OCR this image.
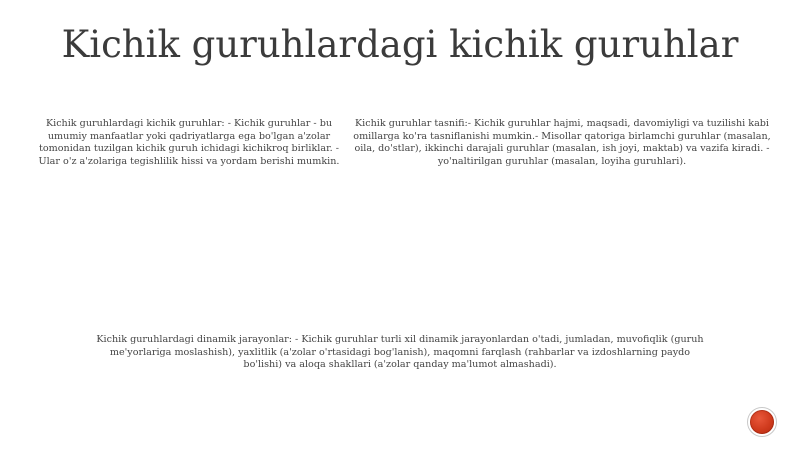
Kichik guruhlardagi kichik guruhlar
Kichik guruhlardagi kichik guruhlar: - Kichik guruhlar - bu umumiy manfaatlar yoki qadriyatlarga ega bo'lgan a'zolar tomonidan tuzilgan kichik guruh ichidagi kichikroq birliklar. - Ular o'z a'zolariga tegishlilik hissi va yordam berishi mumkin.
Kichik guruhlar tasnifi:- Kichik guruhlar hajmi, maqsadi, davomiyligi va tuzilishi kabi omillarga ko'ra tasniflanishi mumkin.- Misollar qatoriga birlamchi guruhlar (masalan, oila, do'stlar), ikkinchi darajali guruhlar (masalan, ish joyi, maktab) va vazifa kiradi. - yo'naltirilgan guruhlar (masalan, loyiha guruhlari).
Kichik guruhlardagi dinamik jarayonlar: - Kichik guruhlar turli xil dinamik jarayonlardan o'tadi, jumladan, muvofiqlik (guruh me'yorlariga moslashish), yaxlitlik (a'zolar o'rtasidagi bog'lanish), maqomni farqlash (rahbarlar va izdoshlarning paydo bo'lishi) va aloqa shakllari (a'zolar qanday ma'lumot almashadi).
